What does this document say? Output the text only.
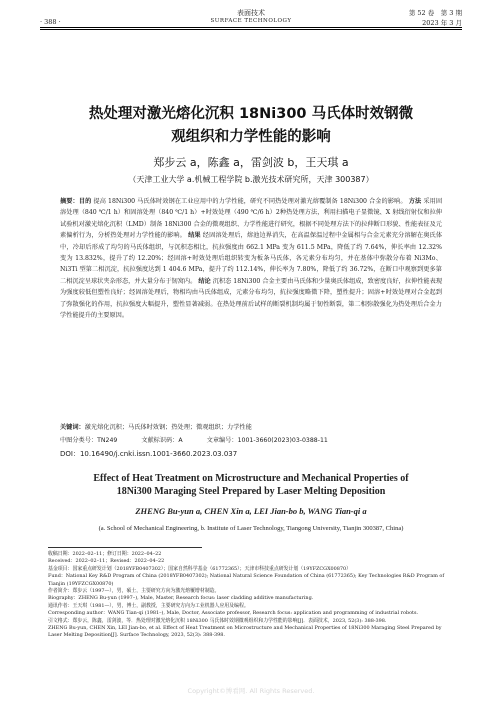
表面技术
SURFACE TECHNOLOGY
· 388 ·
第 52 卷　第 3 期
2023 年 3 月
热处理对激光熔化沉积 18Ni300 马氏体时效钢微
观组织和力学性能的影响
郑步云 a，陈鑫 a，雷剑波 b，王天琪 a
（天津工业大学 a.机械工程学院 b.激光技术研究所，天津 300387）
摘要：目的 提高 18Ni300 马氏体时效钢在工业应用中的力学性能，研究不同热处理对激光熔覆制备 18Ni300 合金的影响。 方法 采用固溶处理（840 ℃/1 h）和固溶处理（840 ℃/1 h）+时效处理（490 ℃/6 h）2种热处理方法，利用扫描电子显微镜、X 射线衍射仪和拉伸试验机对激光熔化沉积（LMD）制备 18Ni300 合金的微观组织、力学性能进行研究，根据不同处理方法下的拉伸断口形貌、性能表征及元素偏析行为，分析热处理对力学性能的影响。 结果 经固溶处理后，熔池边界消失，在高温保温过程中金属相与合金元素充分溶解在奥氏体中，冷却后形成了均匀的马氏体组织，与沉积态相比，抗拉强度由 662.1 MPa 变为 611.5 MPa，降低了约 7.64%，伸长率由 12.32% 变为 13.832%，提升了约 12.20%；经固溶+时效处理后组织转变为板条马氏体，各元素分布均匀，并在基体中弥散分布着 Ni3Mo、Ni3Ti 型第二相沉淀，抗拉强度达到 1 404.6 MPa，提升了约 112.14%，伸长率为 7.80%，降低了约 36.72%，在断口中观察到更多第二相沉淀呈球状夹杂形态，并大量分布于韧窝内。 结论 沉积态 18Ni300 合金主要由马氏体和少量奥氏体组成，致密度良好，拉伸性能表现为强度较低但塑性良好；经固溶处理后，物相均由马氏体组成，元素分布均匀，抗拉强度略微下降，塑性提升；固溶+时效处理对合金起到了弥散强化的作用，抗拉强度大幅提升，塑性显著减弱。在热处理前后试样的断裂机制均属于韧性断裂，第二相弥散强化为热处理后合金力学性能提升的主要原因。
关键词：激光熔化沉积；马氏体时效钢；热处理；微观组织；力学性能
中图分类号：TN249	文献标识码：A	文章编号：1001-3660(2023)03-0388-11
DOI：10.16490/j.cnki.issn.1001-3660.2023.03.037
Effect of Heat Treatment on Microstructure and Mechanical Properties of
18Ni300 Maraging Steel Prepared by Laser Melting Deposition
ZHENG Bu-yun a, CHEN Xin a, LEI Jian-bo b, WANG Tian-qi a
(a. School of Mechanical Engineering, b. Institute of Laser Technology, Tiangong University, Tianjin 300387, China)

收稿日期：2022–02–11；修订日期：2022–04–22

Received：2022–02–11；Revised：2022–04–22

基金项目：国家重点研发计划（2018YFB0407302）；国家自然科学基金（61772365）；天津市科技重点研发计划（19YFZCGX00870）

Fund：National Key R&D Program of China (2018YFB0407302); National Natural Science Foundation of China (61772365); Key Technologies R&D Program of Tianjin (19YFZCGX00870)

作者简介：郑步云（1997—），男，硕士，主要研究方向为激光熔覆增材制造。

Biography：ZHENG Bu-yun (1997–), Male, Master, Research focus: laser cladding additive manufacturing.

通讯作者：王天琪（1981—），男，博士，副教授，主要研究方向为工业机器人应用及编程。

Corresponding author：WANG Tian-qi (1981–), Male, Doctor, Associate professor, Research focus: application and programming of industrial robots.

引文格式：郑步云，陈鑫，雷剑波，等．热处理对激光熔化沉积 18Ni300 马氏体时效钢微观组织和力学性能的影响[J]．表面技术，2023, 52(3): 388-398.

ZHENG Bu-yun, CHEN Xin, LEI Jian-bo, et al. Effect of Heat Treatment on Microstructure and Mechanical Properties of 18Ni300 Maraging Steel Prepared by Laser Melting Deposition[J]. Surface Technology, 2023, 52(3): 388-398.

Copyright©博看网. All Rights Reserved.
